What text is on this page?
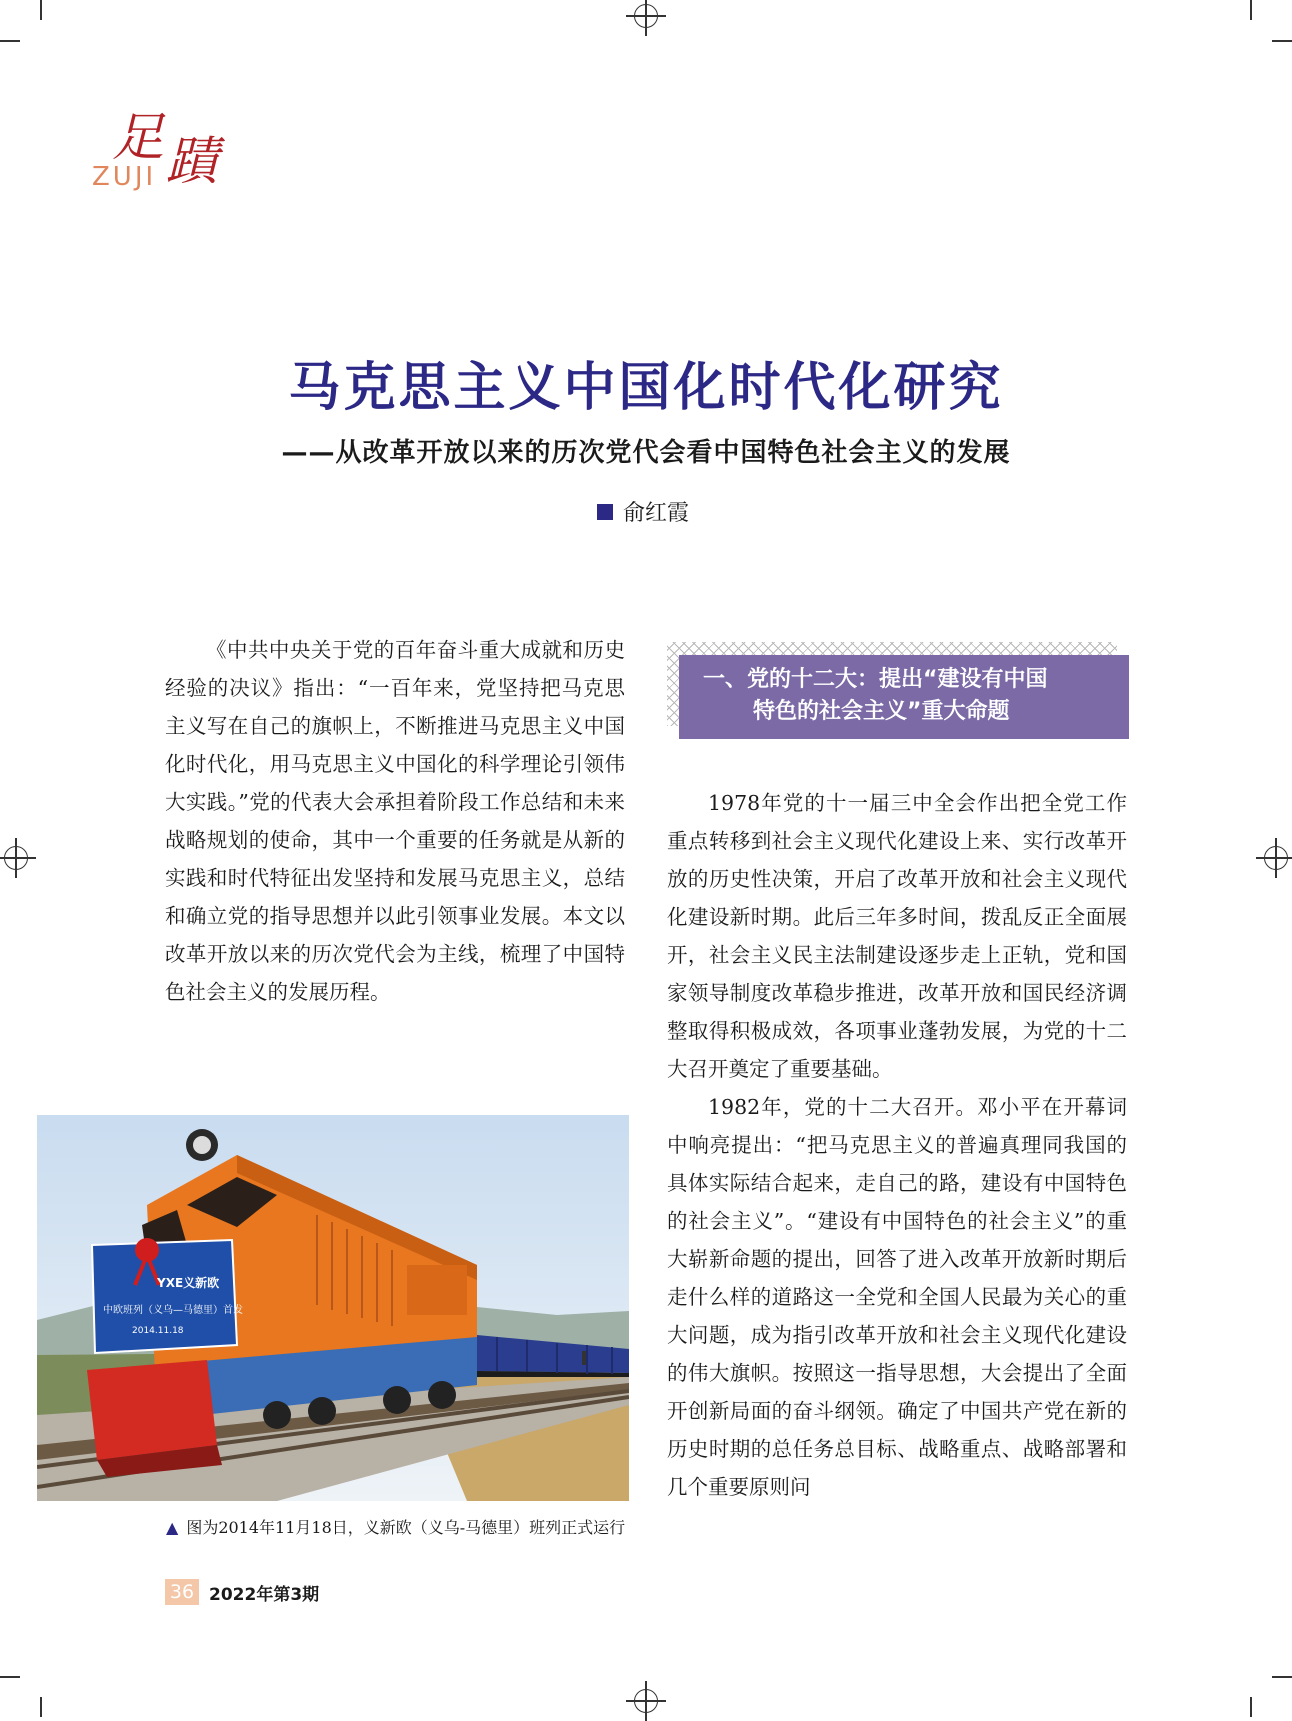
足蹟
ZUJI
马克思主义中国化时代化研究
——从改革开放以来的历次党代会看中国特色社会主义的发展
俞红霞

《中共中央关于党的百年奋斗重大成就和历史经验的决议》指出：“一百年来，党坚持把马克思主义写在自己的旗帜上，不断推进马克思主义中国化时代化，用马克思主义中国化的科学理论引领伟大实践。”党的代表大会承担着阶段工作总结和未来战略规划的使命，其中一个重要的任务就是从新的实践和时代特征出发坚持和发展马克思主义，总结和确立党的指导思想并以此引领事业发展。本文以改革开放以来的历次党代会为主线，梳理了中国特色社会主义的发展历程。

一、党的十二大：提出“建设有中国
特色的社会主义”重大命题

1978年党的十一届三中全会作出把全党工作重点转移到社会主义现代化建设上来、实行改革开放的历史性决策，开启了改革开放和社会主义现代化建设新时期。此后三年多时间，拨乱反正全面展开，社会主义民主法制建设逐步走上正轨，党和国家领导制度改革稳步推进，改革开放和国民经济调整取得积极成效，各项事业蓬勃发展，为党的十二大召开奠定了重要基础。

1982年，党的十二大召开。邓小平在开幕词中响亮提出：“把马克思主义的普遍真理同我国的具体实际结合起来，走自己的路，建设有中国特色的社会主义”。“建设有中国特色的社会主义”的重大崭新命题的提出，回答了进入改革开放新时期后走什么样的道路这一全党和全国人民最为关心的重大问题，成为指引改革开放和社会主义现代化建设的伟大旗帜。按照这一指导思想，大会提出了全面开创新局面的奋斗纲领。确定了中国共产党在新的历史时期的总任务总目标、战略重点、战略部署和几个重要原则问

YXE义新欧
中欧班列（义乌—马德里）首发
2014.11.18
▲ 图为2014年11月18日，义新欧（义乌-马德里）班列正式运行
36 2022年第3期
